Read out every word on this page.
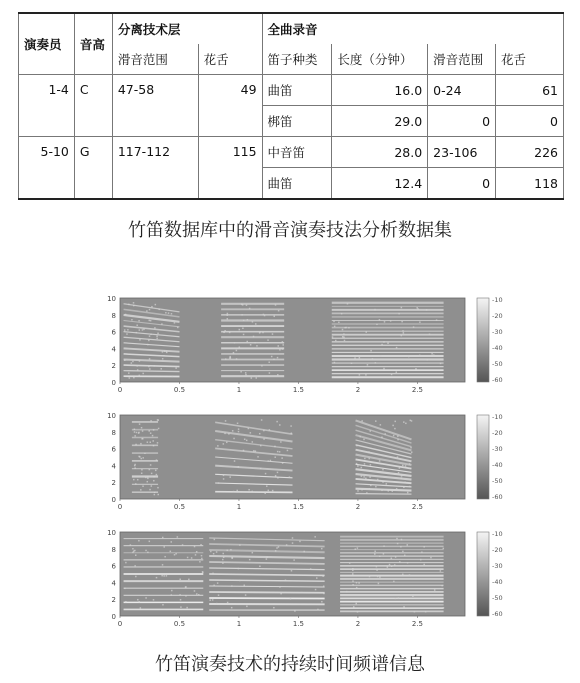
演奏员	音高	分离技术层		全曲录音			
		滑音范围	花舌	笛子种类	长度（分钟）	滑音范围	花舌
1-4	C	47-58	49	曲笛	16.0	0-24	61
				梆笛	29.0	0	0
5-10	G	117-112	115	中音笛	28.0	23-106	226
				曲笛	12.4	0	118
竹笛数据库中的滑音演奏技法分析数据集
0
2
4
6
8
10
0	0.5	1	1.5	2	2.5
-10
-20
-30
-40
-50
-60
0
2
4
6
8
10
0	0.5	1	1.5	2	2.5
-10
-20
-30
-40
-50
-60
0
2
4
6
8
10
0	0.5	1	1.5	2	2.5
-10
-20
-30
-40
-50
-60
竹笛演奏技术的持续时间频谱信息
